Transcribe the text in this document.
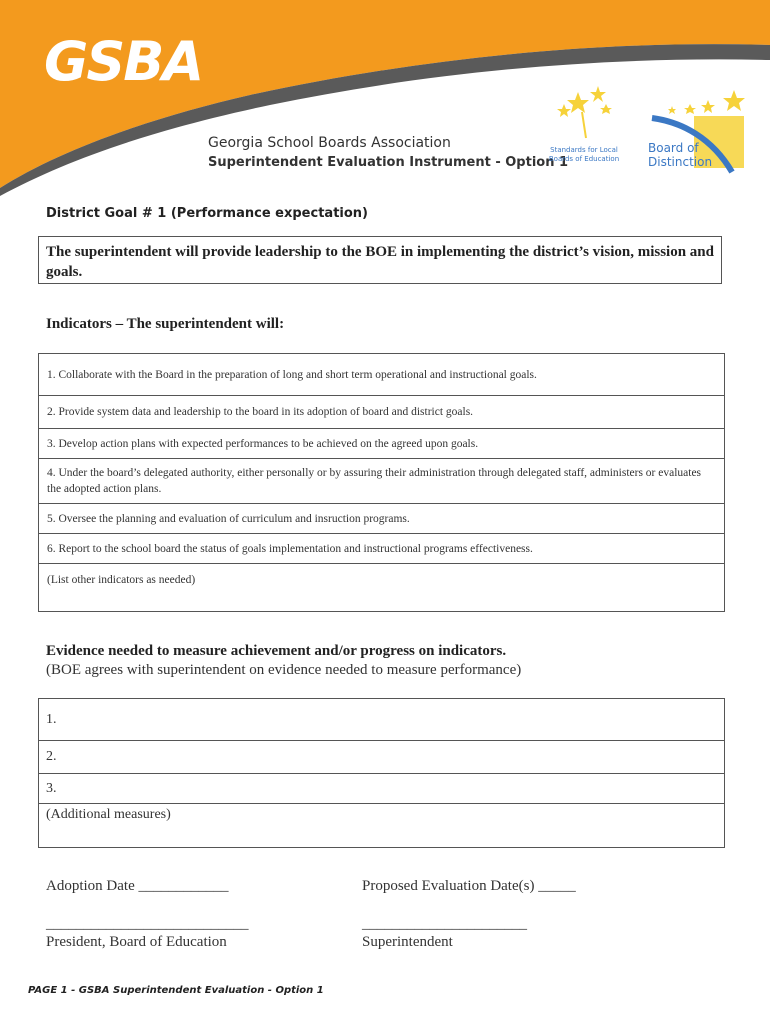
GSBA
Georgia School Boards Association
Superintendent Evaluation Instrument - Option 1
Standards for Local Boards of Education
Board of
Distinction
District Goal # 1 (Performance expectation)
The superintendent will provide leadership to the BOE in implementing the district’s vision, mission and goals.
Indicators – The superintendent will:
1. Collaborate with the Board in the preparation of long and short term operational and instructional goals.
2. Provide system data and leadership to the board in its adoption of board and district goals.
3. Develop action plans with expected performances to be achieved on the agreed upon goals.
4. Under the board’s delegated authority, either personally or by assuring their administration through delegated staff, administers or evaluates the adopted action plans.
5. Oversee the planning and evaluation of curriculum and insruction programs.
6. Report to the school board the status of goals implementation and instructional programs effectiveness.
(List other indicators as needed)
Evidence needed to measure achievement and/or progress on indicators.
(BOE agrees with superintendent on evidence needed to measure performance)
1.
2.
3.
(Additional measures)
Adoption Date ____________	Proposed Evaluation Date(s) _____
___________________________	______________________
President, Board of Education	Superintendent
PAGE 1 - GSBA Superintendent Evaluation - Option 1
